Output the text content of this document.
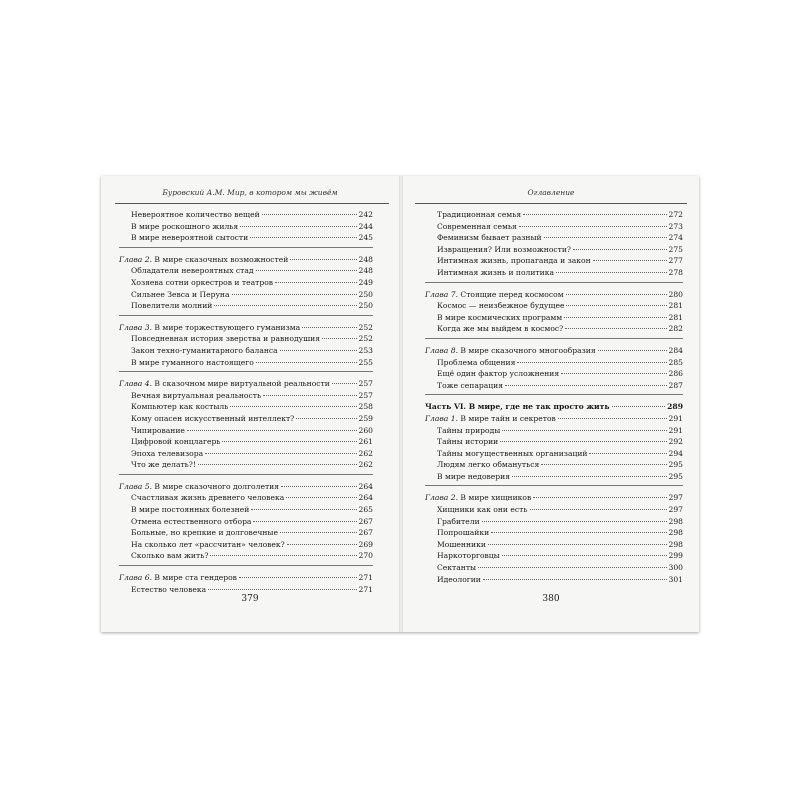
Буровский А.М. Мир, в котором мы живём
Невероятное количество вещей	242
В мире роскошного жилья	244
В мире невероятной сытости	245
Глава 2. В мире сказочных возможностей	248
Обладатели невероятных стад	248
Хозяева сотни оркестров и театров	249
Сильнее Зевса и Перуна	250
Повелители молний	250
Глава 3. В мире торжествующего гуманизма	252
Повседневная история зверства и равнодушия	252
Закон техно-гуманитарного баланса	253
В мире гуманного настоящего	255
Глава 4. В сказочном мире виртуальной реальности	257
Вечная виртуальная реальность	257
Компьютер как костыль	258
Кому опасен искусственный интеллект?	259
Чипирование	260
Цифровой концлагерь	261
Эпоха телевизора	262
Что же делать?!	262
Глава 5. В мире сказочного долголетия	264
Счастливая жизнь древнего человека	264
В мире постоянных болезней	265
Отмена естественного отбора	267
Больные, но крепкие и долговечные	267
На сколько лет «рассчитан» человек?	269
Сколько вам жить?	270
Глава 6. В мире ста гендеров	271
Естество человека	271
379
Оглавление
Традиционная семья	272
Современная семья	273
Феминизм бывает разный	274
Извращения? Или возможности?	275
Интимная жизнь, пропаганда и закон	277
Интимная жизнь и политика	278
Глава 7. Стоящие перед космосом	280
Космос — неизбежное будущее	281
В мире космических программ	281
Когда же мы выйдем в космос?	282
Глава 8. В мире сказочного многообразия	284
Проблема общения	285
Ещё один фактор усложнения	286
Тоже сепарация	287
Часть VI. В мире, где не так просто жить	289
Глава 1. В мире тайн и секретов	291
Тайны природы	291
Тайны истории	292
Тайны могущественных организаций	294
Людям легко обмануться	295
В мире недоверия	295
Глава 2. В мире хищников	297
Хищники как они есть	297
Грабители	298
Попрошайки	298
Мошенники	298
Наркоторговцы	299
Сектанты	300
Идеологии	301
380
